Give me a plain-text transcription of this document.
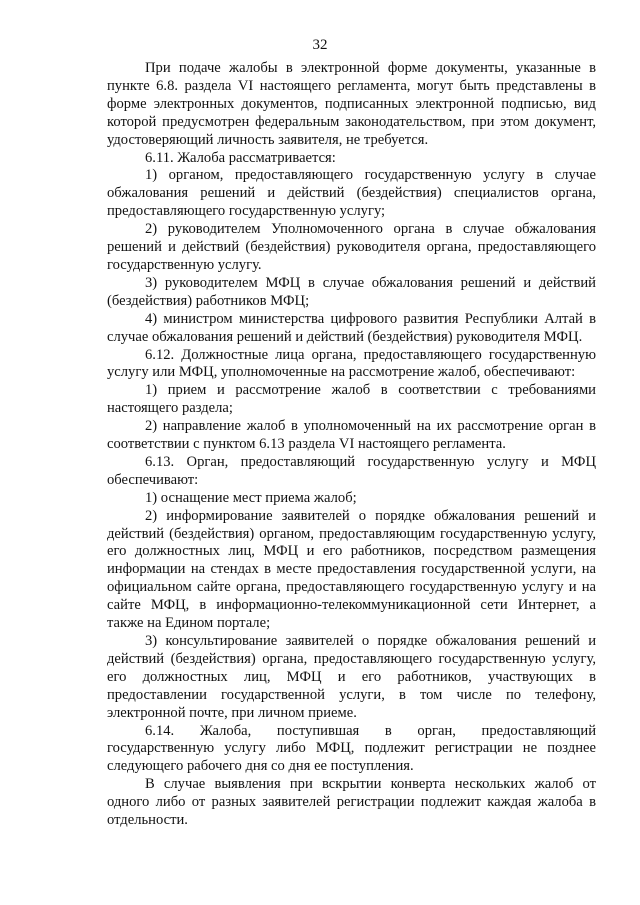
32

При подаче жалобы в электронной форме документы, указанные в пункте 6.8. раздела VI настоящего регламента, могут быть представлены в форме электронных документов, подписанных электронной подписью, вид которой предусмотрен федеральным законодательством, при этом документ, удостоверяющий личность заявителя, не требуется.

6.11. Жалоба рассматривается:

1) органом, предоставляющего государственную услугу в случае обжалования решений и действий (бездействия) специалистов органа, предоставляющего государственную услугу;

2) руководителем Уполномоченного органа в случае обжалования решений и действий (бездействия) руководителя органа, предоставляющего государственную услугу.

3) руководителем МФЦ в случае обжалования решений и действий (бездействия) работников МФЦ;

4) министром министерства цифрового развития Республики Алтай в случае обжалования решений и действий (бездействия) руководителя МФЦ.

6.12. Должностные лица органа, предоставляющего государственную услугу или МФЦ, уполномоченные на рассмотрение жалоб, обеспечивают:

1) прием и рассмотрение жалоб в соответствии с требованиями настоящего раздела;

2) направление жалоб в уполномоченный на их рассмотрение орган в соответствии с пунктом 6.13 раздела VI настоящего регламента.

6.13. Орган, предоставляющий государственную услугу и МФЦ обеспечивают:

1) оснащение мест приема жалоб;

2) информирование заявителей о порядке обжалования решений и действий (бездействия) органом, предоставляющим государственную услугу, его должностных лиц, МФЦ и его работников, посредством размещения информации на стендах в месте предоставления государственной услуги, на официальном сайте органа, предоставляющего государственную услугу и на сайте МФЦ, в информационно-телекоммуникационной сети Интернет, а также на Едином портале;

3) консультирование заявителей о порядке обжалования решений и действий (бездействия) органа, предоставляющего государственную услугу, его должностных лиц, МФЦ и его работников, участвующих в предоставлении государственной услуги, в том числе по телефону, электронной почте, при личном приеме.

6.14. Жалоба, поступившая в орган, предоставляющий государственную услугу либо МФЦ, подлежит регистрации не позднее следующего рабочего дня со дня ее поступления.

В случае выявления при вскрытии конверта нескольких жалоб от одного либо от разных заявителей регистрации подлежит каждая жалоба в отдельности.
